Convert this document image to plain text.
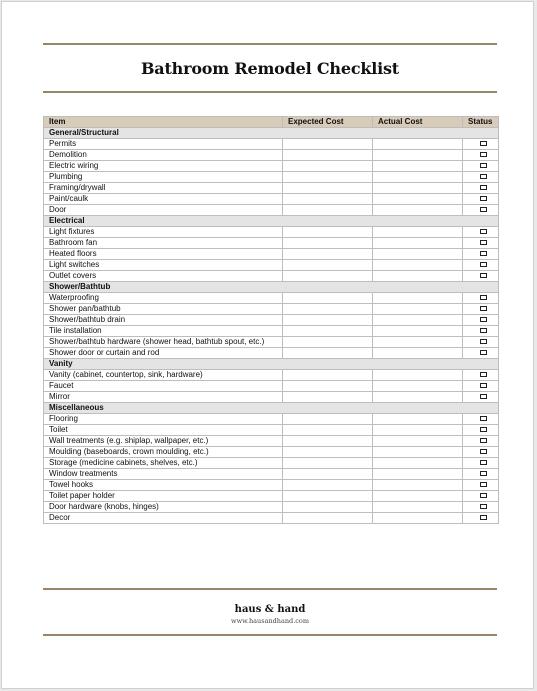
Bathroom Remodel Checklist
Item	Expected Cost	Actual Cost	Status
General/Structural			
Permits			
Demolition			
Electric wiring			
Plumbing			
Framing/drywall			
Paint/caulk			
Door			
Electrical			
Light fixtures			
Bathroom fan			
Heated floors			
Light switches			
Outlet covers			
Shower/Bathtub			
Waterproofing			
Shower pan/bathtub			
Shower/bathtub drain			
Tile installation			
Shower/bathtub hardware (shower head, bathtub spout, etc.)			
Shower door or curtain and rod			
Vanity			
Vanity (cabinet, countertop, sink, hardware)			
Faucet			
Mirror			
Miscellaneous			
Flooring			
Toilet			
Wall treatments (e.g. shiplap, wallpaper, etc.)			
Moulding (baseboards, crown moulding, etc.)			
Storage (medicine cabinets, shelves, etc.)			
Window treatments			
Towel hooks			
Toilet paper holder			
Door hardware (knobs, hinges)			
Decor			
haus & hand
www.hausandhand.com
